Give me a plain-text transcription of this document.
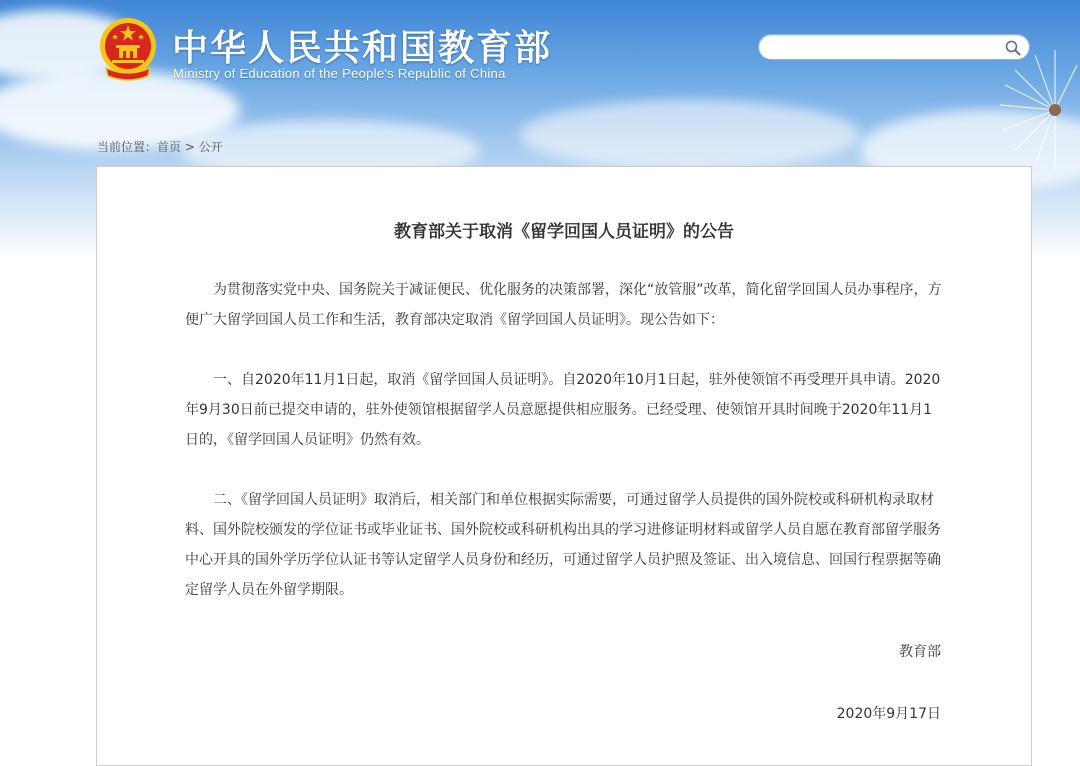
中华人民共和国教育部
Ministry of Education of the People's Republic of China
当前位置：首页 > 公开
教育部关于取消《留学回国人员证明》的公告

为贯彻落实党中央、国务院关于减证便民、优化服务的决策部署，深化“放管服”改革，简化留学回国人员办事程序，方便广大留学回国人员工作和生活，教育部决定取消《留学回国人员证明》。现公告如下：

一、自2020年11月1日起，取消《留学回国人员证明》。自2020年10月1日起，驻外使领馆不再受理开具申请。2020年9月30日前已提交申请的，驻外使领馆根据留学人员意愿提供相应服务。已经受理、使领馆开具时间晚于2020年11月1日的，《留学回国人员证明》仍然有效。

二、《留学回国人员证明》取消后，相关部门和单位根据实际需要，可通过留学人员提供的国外院校或科研机构录取材料、国外院校颁发的学位证书或毕业证书、国外院校或科研机构出具的学习进修证明材料或留学人员自愿在教育部留学服务中心开具的国外学历学位认证书等认定留学人员身份和经历，可通过留学人员护照及签证、出入境信息、回国行程票据等确定留学人员在外留学期限。

教育部
2020年9月17日
